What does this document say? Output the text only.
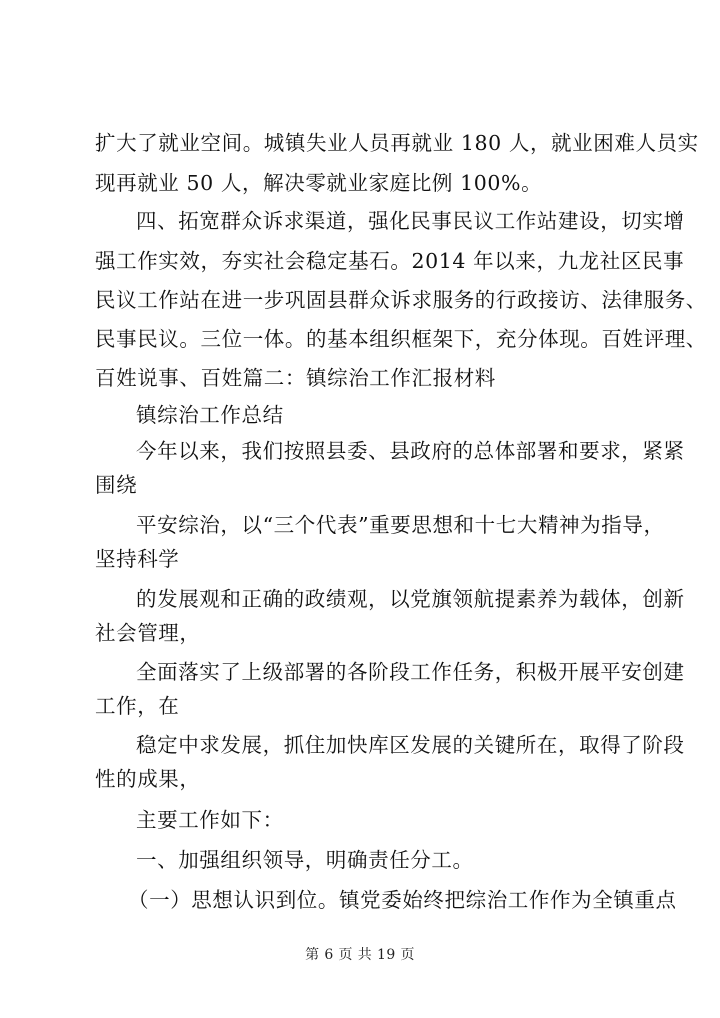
扩大了就业空间。城镇失业人员再就业 180 人，就业困难人员实
现再就业 50 人，解决零就业家庭比例 100%。
四、拓宽群众诉求渠道，强化民事民议工作站建设，切实增
强工作实效，夯实社会稳定基石。2014 年以来，九龙社区民事
民议工作站在进一步巩固县群众诉求服务的行政接访、法律服务、
民事民议。三位一体。的基本组织框架下，充分体现。百姓评理、
百姓说事、百姓篇二：镇综治工作汇报材料
镇综治工作总结
今年以来，我们按照县委、县政府的总体部署和要求，紧紧
围绕
平安综治，以“三个代表”重要思想和十七大精神为指导，
坚持科学
的发展观和正确的政绩观，以党旗领航提素养为载体，创新
社会管理，
全面落实了上级部署的各阶段工作任务，积极开展平安创建
工作，在
稳定中求发展，抓住加快库区发展的关键所在，取得了阶段
性的成果，
主要工作如下：
一、加强组织领导，明确责任分工。
（一）思想认识到位。镇党委始终把综治工作作为全镇重点
第 6 页 共 19 页
